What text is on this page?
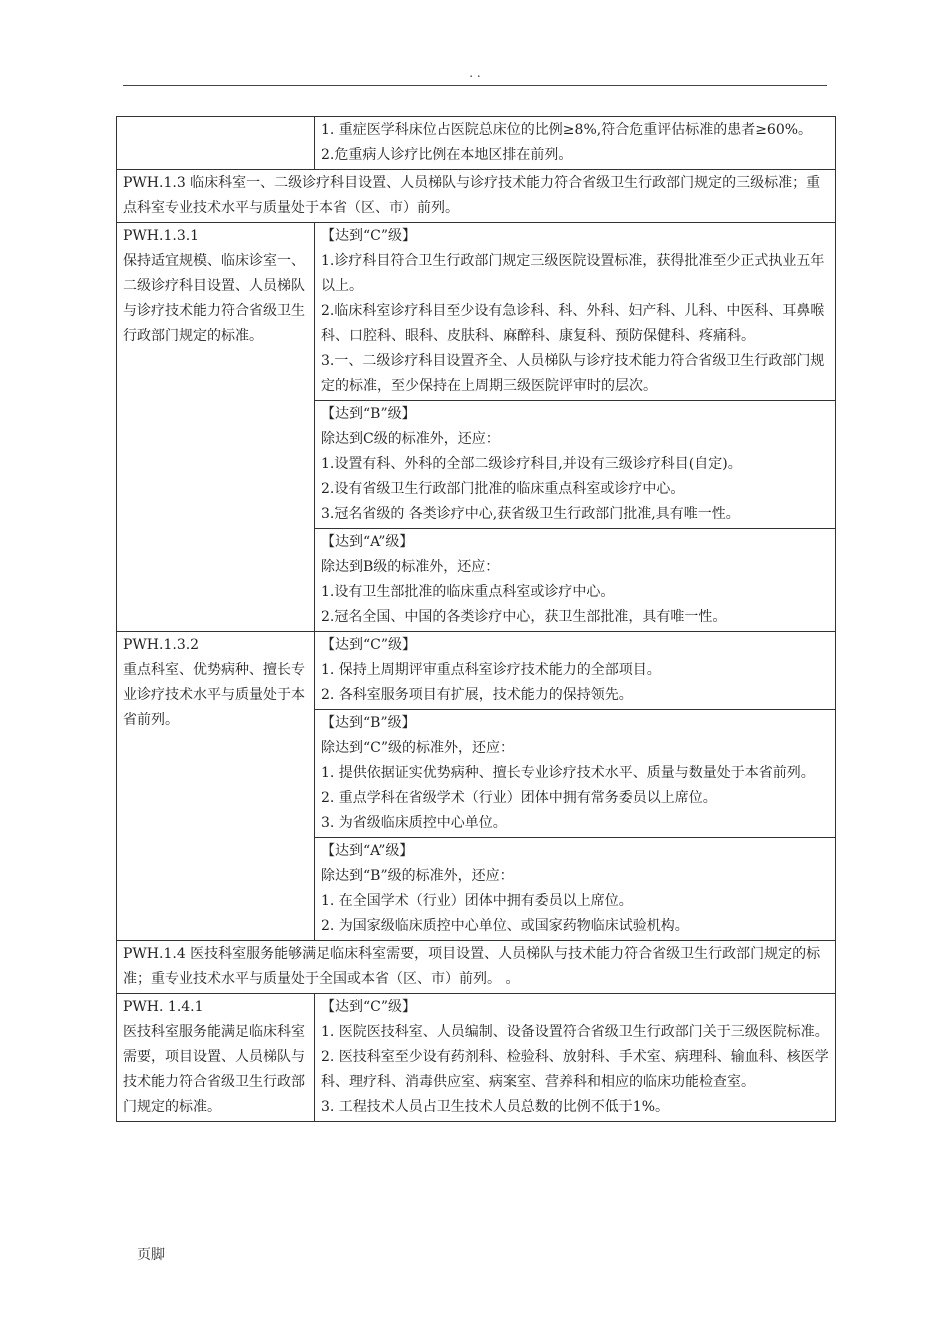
. .

	1. 重症医学科床位占医院总床位的比例≥8%,符合危重评估标准的患者≥60%。
2.危重病人诊疗比例在本地区排在前列。

PWH.1.3 临床科室一、二级诊疗科目设置、人员梯队与诊疗技术能力符合省级卫生行政部门规定的三级标准；重点科室专业技术水平与质量处于本省（区、市）前列。	

PWH.1.3.1
保持适宜规模、临床诊室一、二级诊疗科目设置、人员梯队与诊疗技术能力符合省级卫生行政部门规定的标准。	【达到“C”级】
1.诊疗科目符合卫生行政部门规定三级医院设置标准，获得批准至少正式执业五年以上。
2.临床科室诊疗科目至少设有急诊科、科、外科、妇产科、儿科、中医科、耳鼻喉科、口腔科、眼科、皮肤科、麻醉科、康复科、预防保健科、疼痛科。
3.一、二级诊疗科目设置齐全、人员梯队与诊疗技术能力符合省级卫生行政部门规定的标准，至少保持在上周期三级医院评审时的层次。

	【达到“B”级】
除达到C级的标准外，还应：
1.设置有科、外科的全部二级诊疗科目,并设有三级诊疗科目(自定)。
2.设有省级卫生行政部门批准的临床重点科室或诊疗中心。
3.冠名省级的 各类诊疗中心,获省级卫生行政部门批准,具有唯一性。

	【达到“A”级】
除达到B级的标准外，还应：
1.设有卫生部批准的临床重点科室或诊疗中心。
2.冠名全国、中国的各类诊疗中心，获卫生部批准，具有唯一性。

PWH.1.3.2
重点科室、优势病种、擅长专业诊疗技术水平与质量处于本省前列。	【达到“C”级】
1. 保持上周期评审重点科室诊疗技术能力的全部项目。
2. 各科室服务项目有扩展，技术能力的保持领先。

	【达到“B”级】
除达到“C”级的标准外，还应：
1. 提供依据证实优势病种、擅长专业诊疗技术水平、质量与数量处于本省前列。
2. 重点学科在省级学术（行业）团体中拥有常务委员以上席位。
3. 为省级临床质控中心单位。

	【达到“A”级】
除达到“B”级的标准外，还应：
1. 在全国学术（行业）团体中拥有委员以上席位。
2. 为国家级临床质控中心单位、或国家药物临床试验机构。

PWH.1.4 医技科室服务能够满足临床科室需要，项目设置、人员梯队与技术能力符合省级卫生行政部门规定的标准；重专业技术水平与质量处于全国或本省（区、市）前列。 。	

PWH. 1.4.1
医技科室服务能满足临床科室需要，项目设置、人员梯队与技术能力符合省级卫生行政部门规定的标准。	【达到“C”级】
1. 医院医技科室、人员编制、设备设置符合省级卫生行政部门关于三级医院标准。
2. 医技科室至少设有药剂科、检验科、放射科、手术室、病理科、输血科、核医学科、理疗科、消毒供应室、病案室、营养科和相应的临床功能检查室。
3. 工程技术人员占卫生技术人员总数的比例不低于1%。
页脚
